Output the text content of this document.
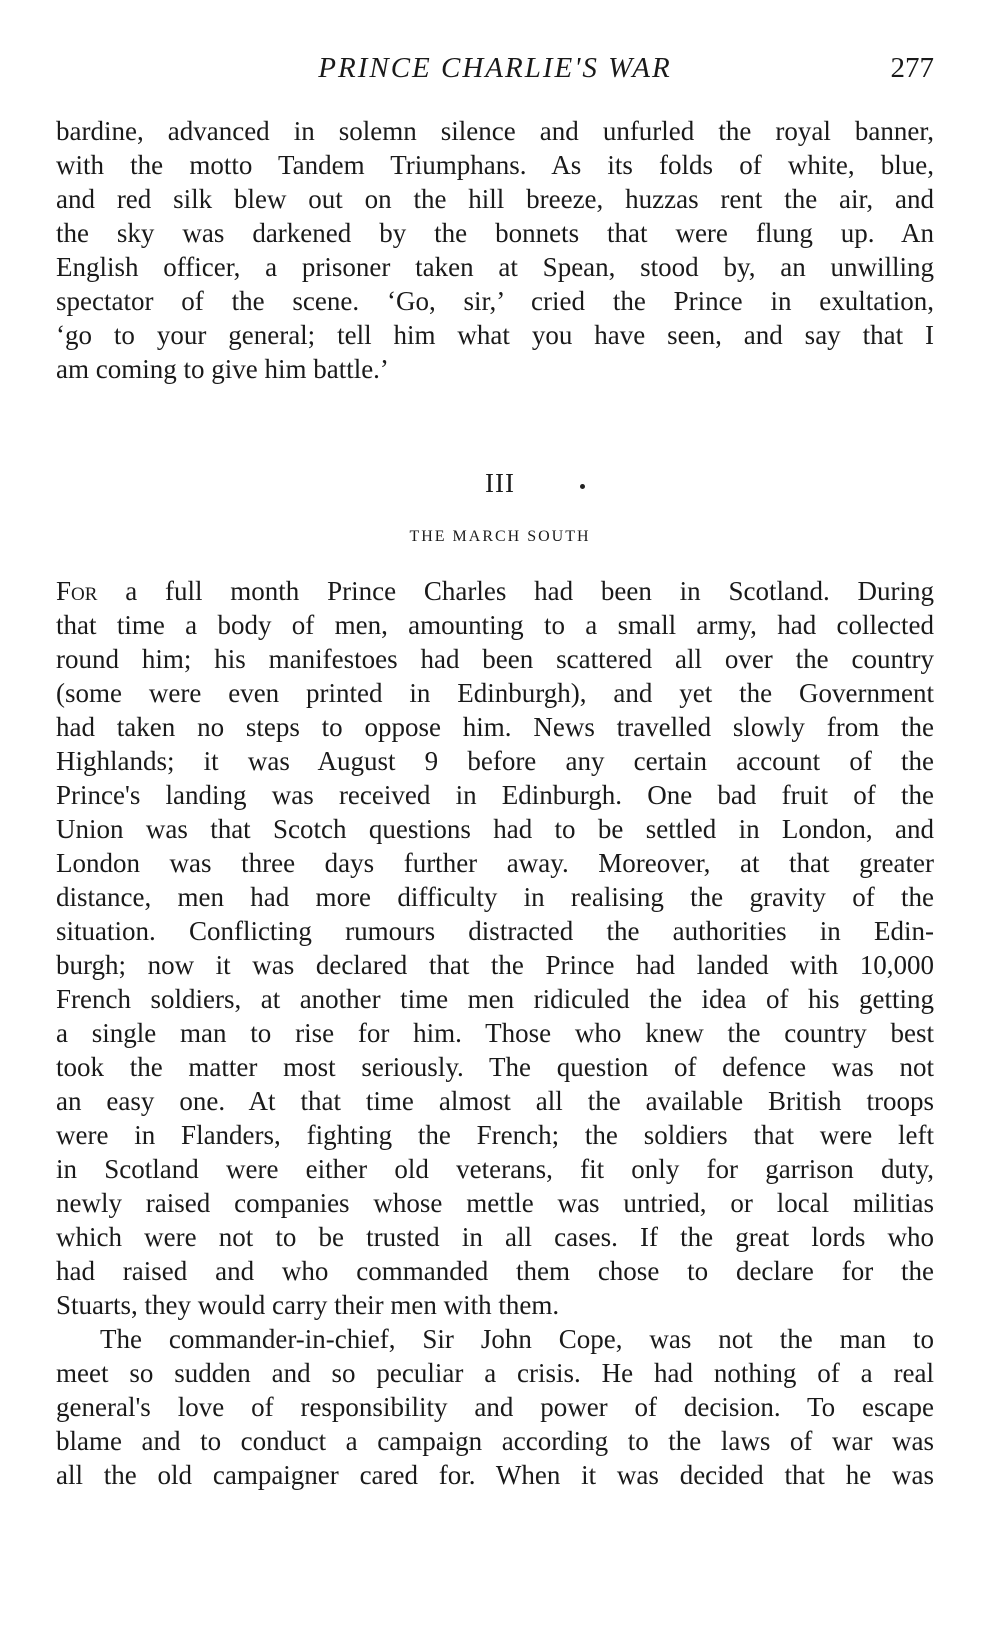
PRINCE CHARLIE'S WAR	277
bardine, advanced in solemn silence and unfurled the royal banner,
with the motto Tandem Triumphans. As its folds of white, blue,
and red silk blew out on the hill breeze, huzzas rent the air, and
the sky was darkened by the bonnets that were flung up. An
English officer, a prisoner taken at Spean, stood by, an unwilling
spectator of the scene. ‘Go, sir,’ cried the Prince in exultation,
‘go to your general; tell him what you have seen, and say that I
am coming to give him battle.’
III
THE MARCH SOUTH
For a full month Prince Charles had been in Scotland. During
that time a body of men, amounting to a small army, had collected
round him; his manifestoes had been scattered all over the country
(some were even printed in Edinburgh), and yet the Government
had taken no steps to oppose him. News travelled slowly from the
Highlands; it was August 9 before any certain account of the
Prince's landing was received in Edinburgh. One bad fruit of the
Union was that Scotch questions had to be settled in London, and
London was three days further away. Moreover, at that greater
distance, men had more difficulty in realising the gravity of the
situation. Conflicting rumours distracted the authorities in Edin-
burgh; now it was declared that the Prince had landed with 10,000
French soldiers, at another time men ridiculed the idea of his getting
a single man to rise for him. Those who knew the country best
took the matter most seriously. The question of defence was not
an easy one. At that time almost all the available British troops
were in Flanders, fighting the French; the soldiers that were left
in Scotland were either old veterans, fit only for garrison duty,
newly raised companies whose mettle was untried, or local militias
which were not to be trusted in all cases. If the great lords who
had raised and who commanded them chose to declare for the
Stuarts, they would carry their men with them.
The commander-in-chief, Sir John Cope, was not the man to
meet so sudden and so peculiar a crisis. He had nothing of a real
general's love of responsibility and power of decision. To escape
blame and to conduct a campaign according to the laws of war was
all the old campaigner cared for. When it was decided that he was
